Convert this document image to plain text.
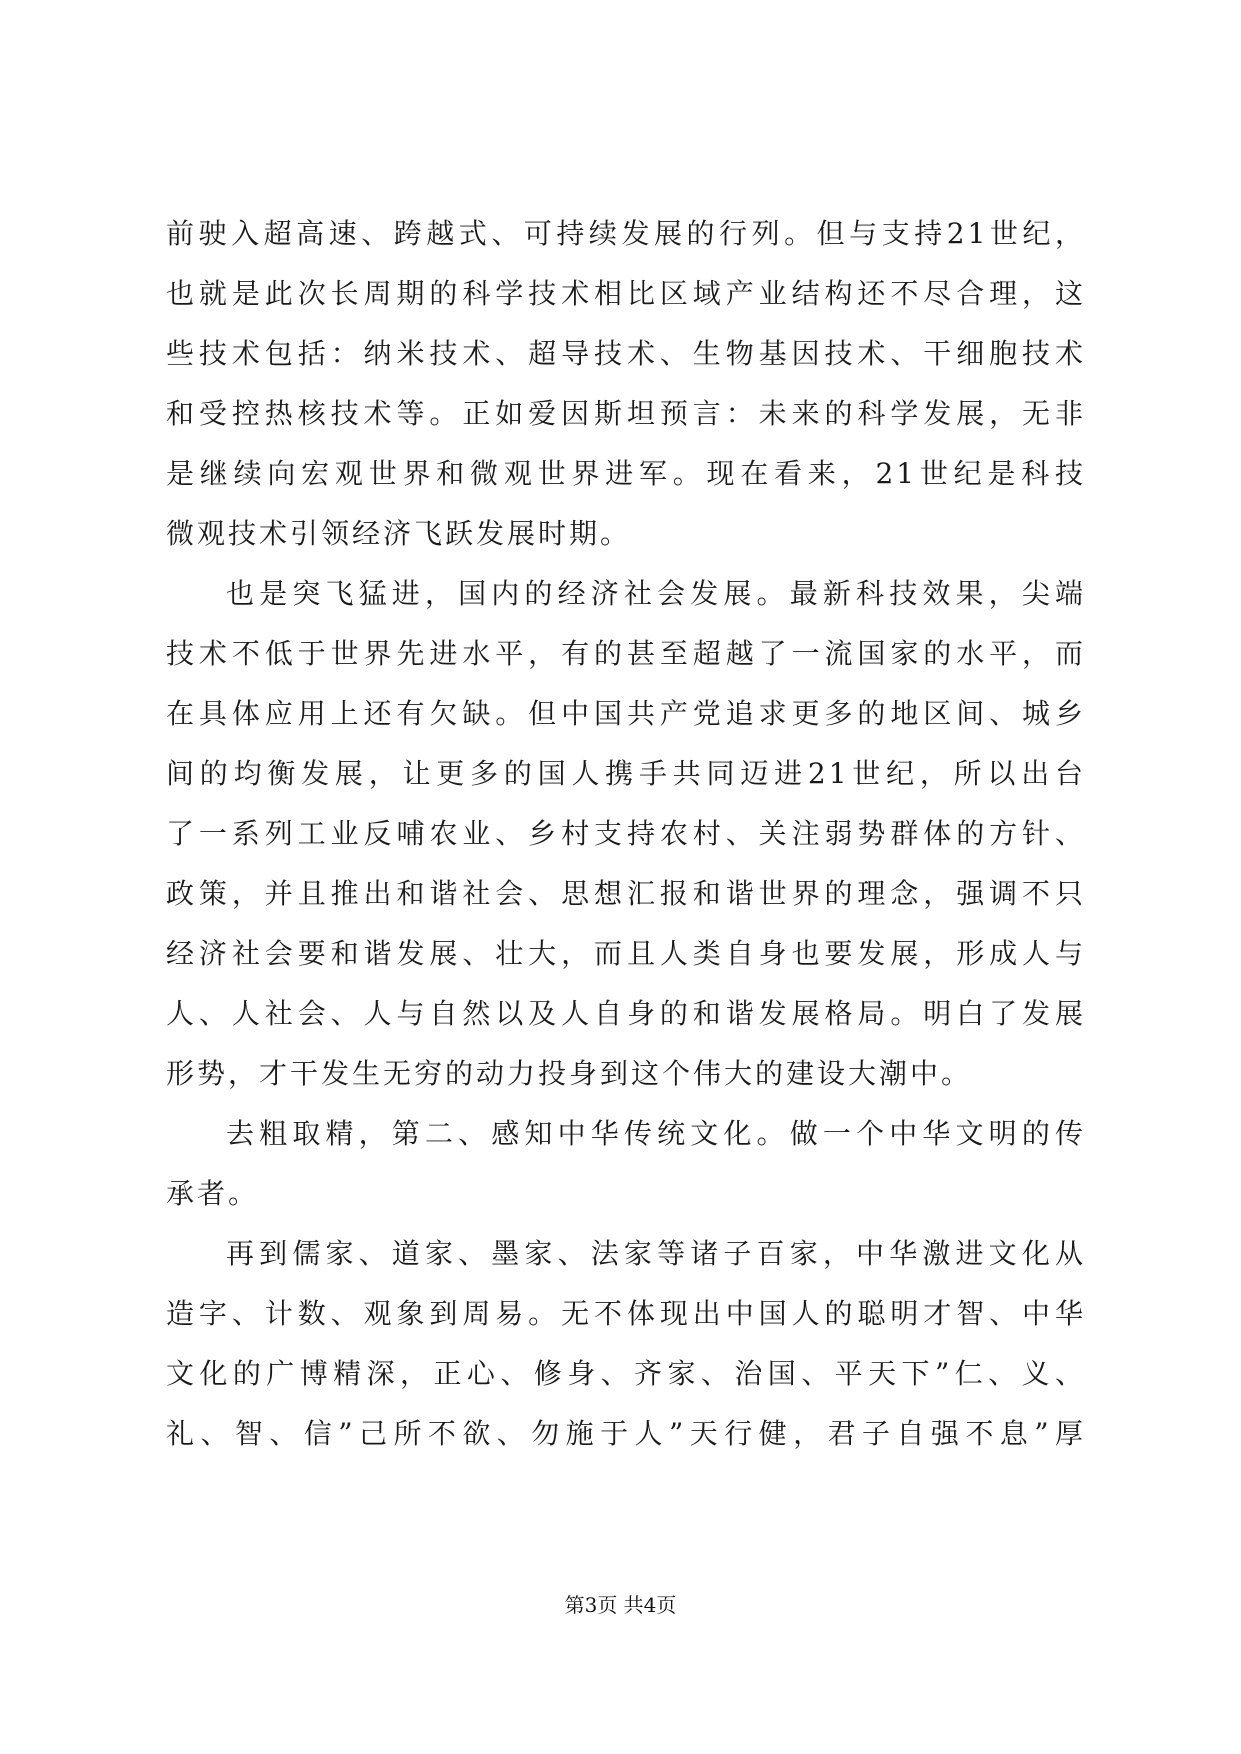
前驶入超高速、跨越式、可持续发展的行列。但与支持21世纪，
也就是此次长周期的科学技术相比区域产业结构还不尽合理，这
些技术包括：纳米技术、超导技术、生物基因技术、干细胞技术
和受控热核技术等。正如爱因斯坦预言：未来的科学发展，无非
是继续向宏观世界和微观世界进军。现在看来，21世纪是科技
微观技术引领经济飞跃发展时期。
也是突飞猛进，国内的经济社会发展。最新科技效果，尖端
技术不低于世界先进水平，有的甚至超越了一流国家的水平，而
在具体应用上还有欠缺。但中国共产党追求更多的地区间、城乡
间的均衡发展，让更多的国人携手共同迈进21世纪，所以出台
了一系列工业反哺农业、乡村支持农村、关注弱势群体的方针、
政策，并且推出和谐社会、思想汇报和谐世界的理念，强调不只
经济社会要和谐发展、壮大，而且人类自身也要发展，形成人与
人、人社会、人与自然以及人自身的和谐发展格局。明白了发展
形势，才干发生无穷的动力投身到这个伟大的建设大潮中。
去粗取精，第二、感知中华传统文化。做一个中华文明的传
承者。
再到儒家、道家、墨家、法家等诸子百家，中华激进文化从
造字、计数、观象到周易。无不体现出中国人的聪明才智、中华
文化的广博精深，正心、修身、齐家、治国、平天下”仁、义、
礼、智、信”己所不欲、勿施于人”天行健，君子自强不息”厚
第3页 共4页
